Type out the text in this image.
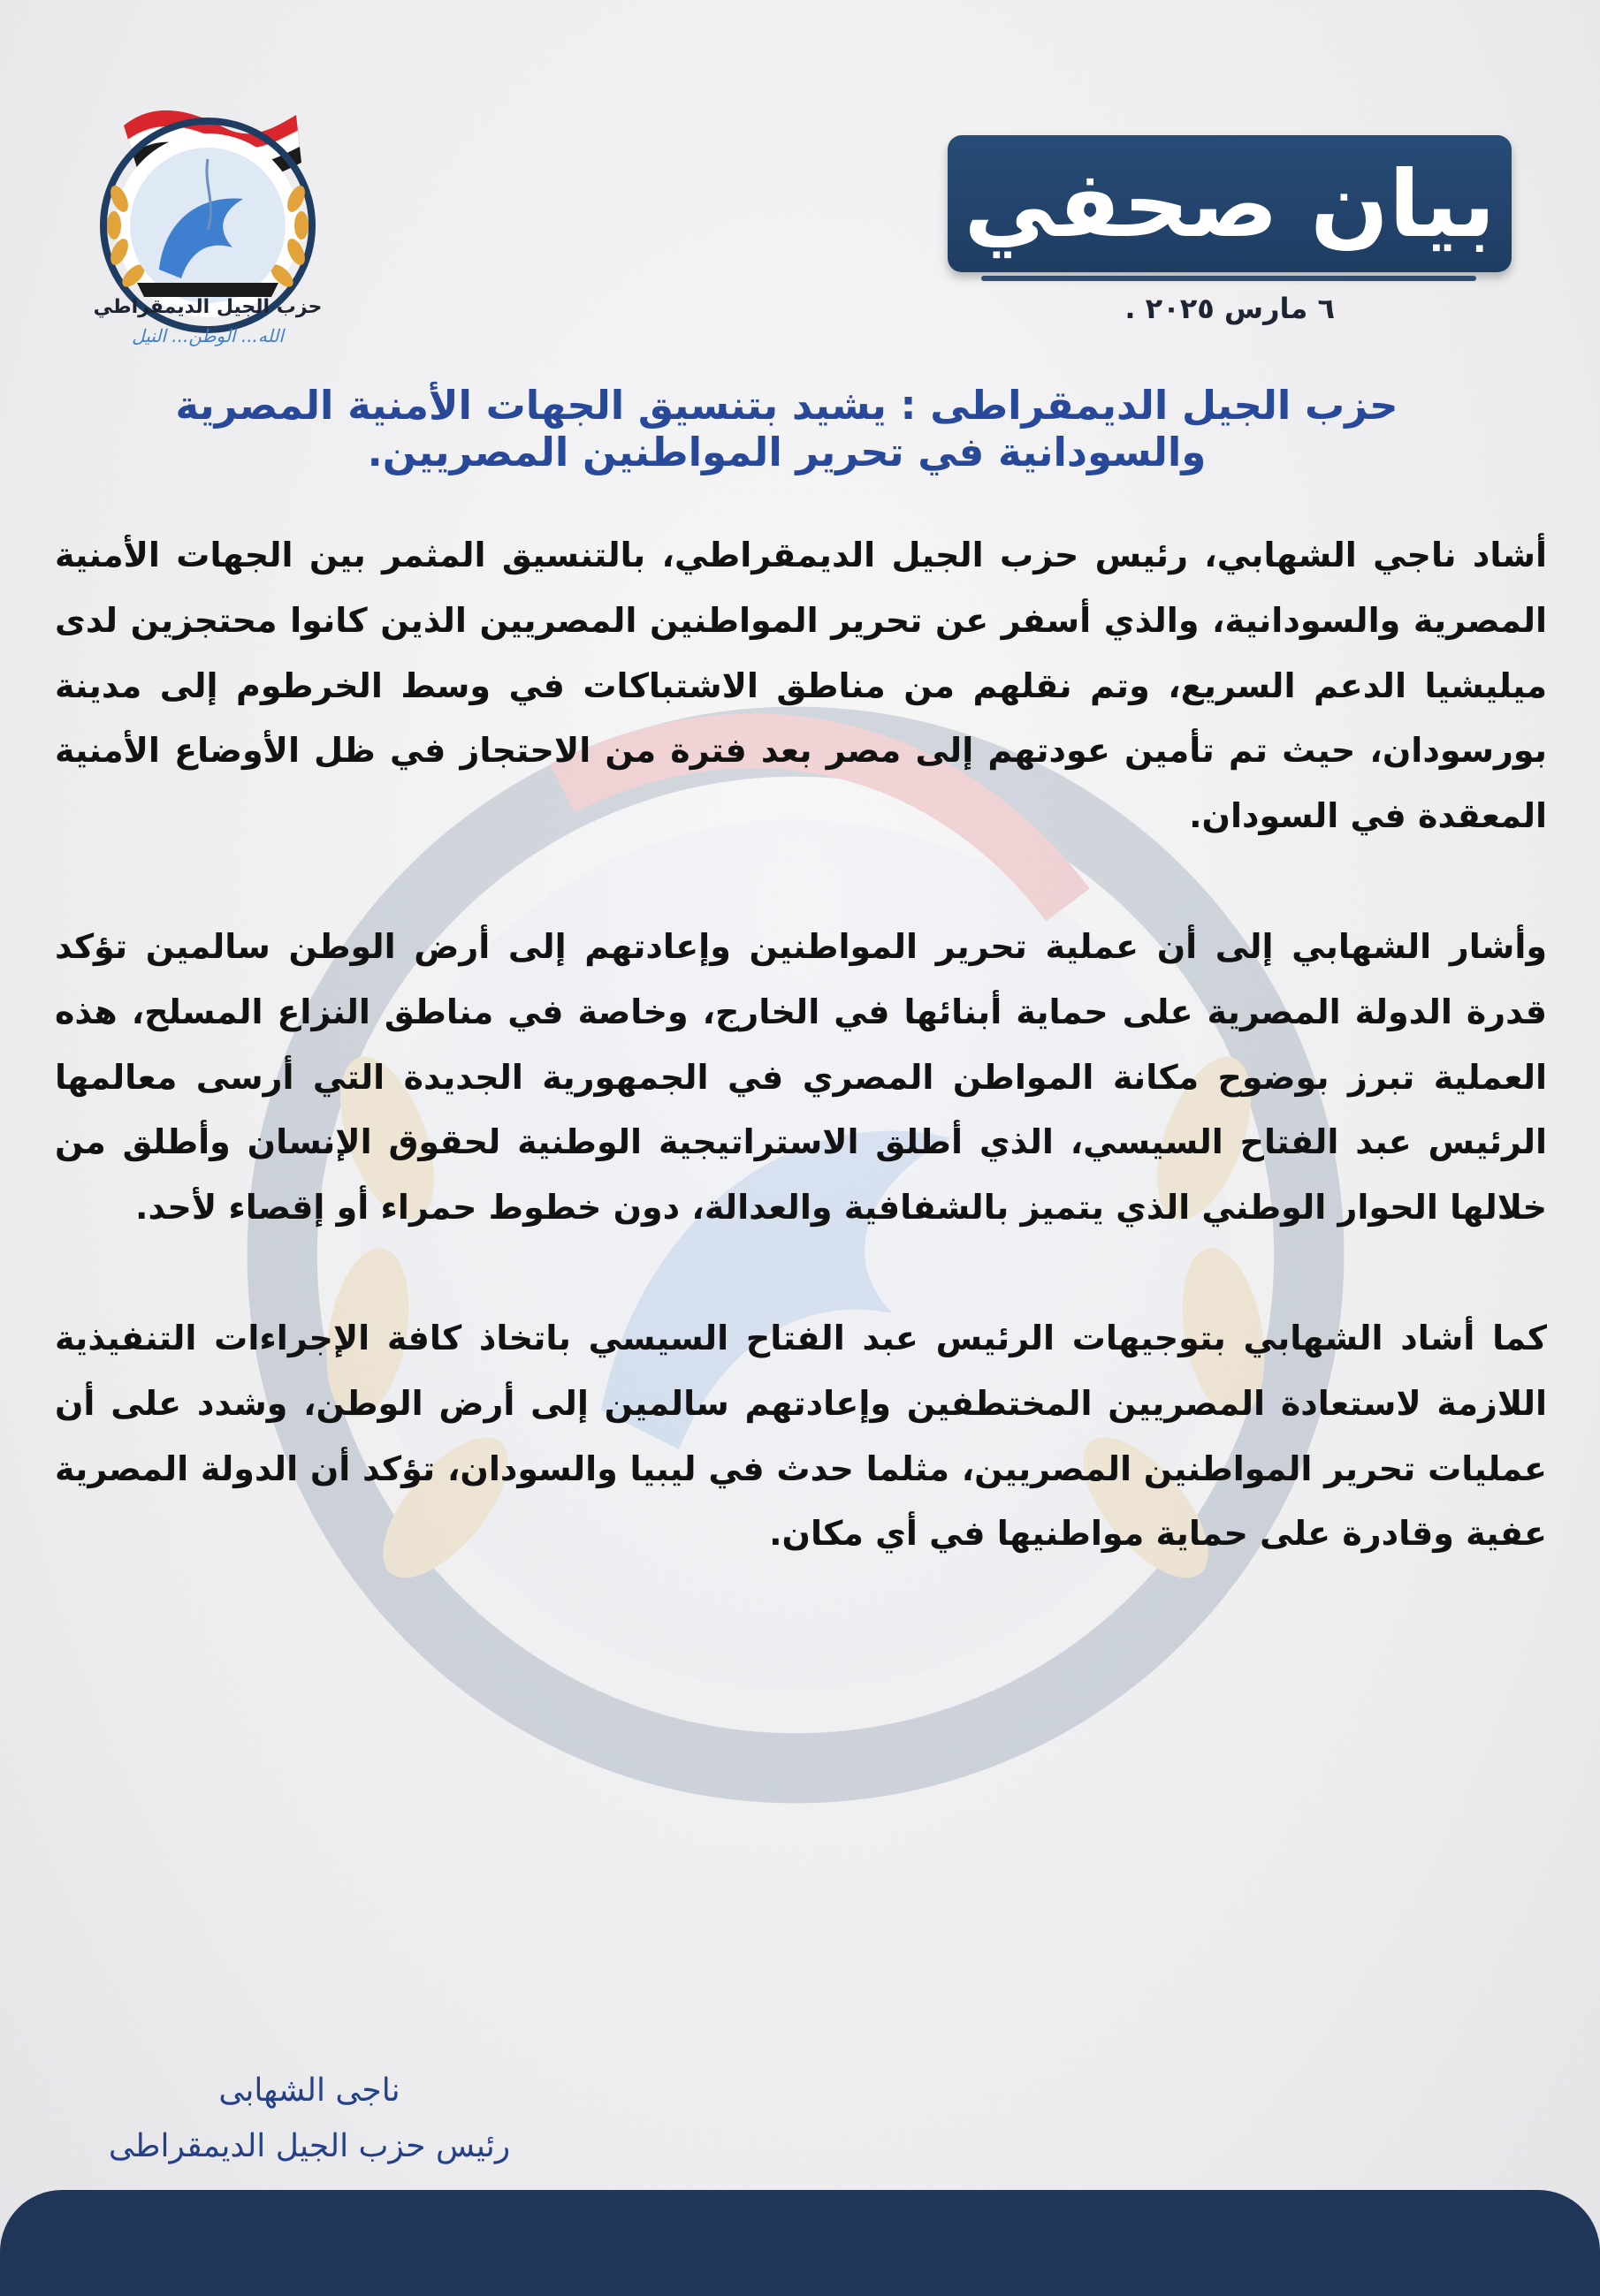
حزب الجيل الديمقراطي
الله... الوطن... النيل
بيان صحفي
٦ مارس ٢٠٢٥ .
حزب الجيل الديمقراطى : يشيد بتنسيق الجهات الأمنية المصرية
والسودانية في تحرير المواطنين المصريين.

أشاد ناجي الشهابي، رئيس حزب الجيل الديمقراطي، بالتنسيق المثمر بين الجهات الأمنية المصرية والسودانية، والذي أسفر عن تحرير المواطنين المصريين الذين كانوا محتجزين لدى ميليشيا الدعم السريع، وتم نقلهم من مناطق الاشتباكات في وسط الخرطوم إلى مدينة بورسودان، حيث تم تأمين عودتهم إلى مصر بعد فترة من الاحتجاز في ظل الأوضاع الأمنية المعقدة في السودان.

وأشار الشهابي إلى أن عملية تحرير المواطنين وإعادتهم إلى أرض الوطن سالمين تؤكد قدرة الدولة المصرية على حماية أبنائها في الخارج، وخاصة في مناطق النزاع المسلح، هذه العملية تبرز بوضوح مكانة المواطن المصري في الجمهورية الجديدة التي أرسى معالمها الرئيس عبد الفتاح السيسي، الذي أطلق الاستراتيجية الوطنية لحقوق الإنسان وأطلق من خلالها الحوار الوطني الذي يتميز بالشفافية والعدالة، دون خطوط حمراء أو إقصاء لأحد.

كما أشاد الشهابي بتوجيهات الرئيس عبد الفتاح السيسي باتخاذ كافة الإجراءات التنفيذية اللازمة لاستعادة المصريين المختطفين وإعادتهم سالمين إلى أرض الوطن، وشدد على أن عمليات تحرير المواطنين المصريين، مثلما حدث في ليبيا والسودان، تؤكد أن الدولة المصرية عفية وقادرة على حماية مواطنيها في أي مكان.

ناجى الشهابى
رئيس حزب الجيل الديمقراطى
